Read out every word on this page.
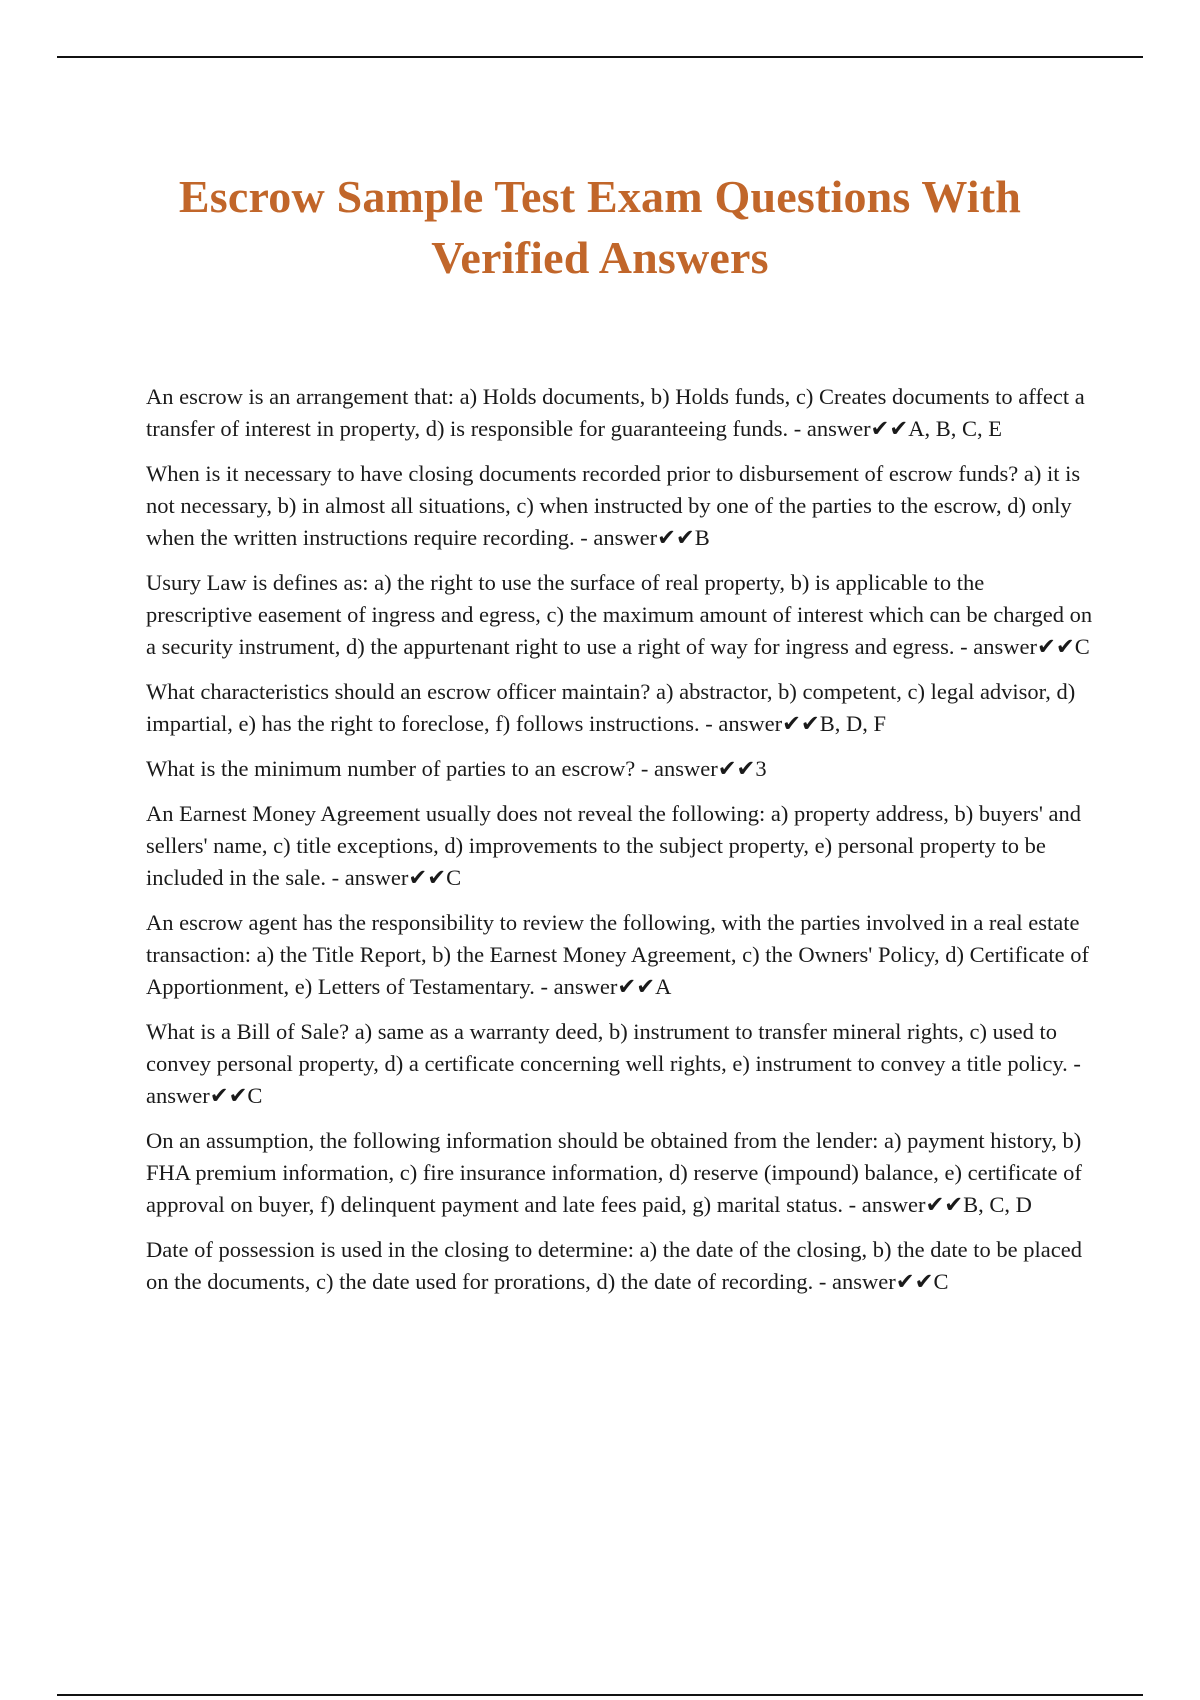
Escrow Sample Test Exam Questions With Verified Answers
An escrow is an arrangement that: a) Holds documents, b) Holds funds, c) Creates documents to affect a transfer of interest in property, d) is responsible for guaranteeing funds. - answer✔✔A, B, C, E
When is it necessary to have closing documents recorded prior to disbursement of escrow funds? a) it is not necessary, b) in almost all situations, c) when instructed by one of the parties to the escrow, d) only when the written instructions require recording. - answer✔✔B
Usury Law is defines as: a) the right to use the surface of real property, b) is applicable to the prescriptive easement of ingress and egress, c) the maximum amount of interest which can be charged on a security instrument, d) the appurtenant right to use a right of way for ingress and egress. - answer✔✔C
What characteristics should an escrow officer maintain? a) abstractor, b) competent, c) legal advisor, d) impartial, e) has the right to foreclose, f) follows instructions. - answer✔✔B, D, F
What is the minimum number of parties to an escrow? - answer✔✔3
An Earnest Money Agreement usually does not reveal the following: a) property address, b) buyers' and sellers' name, c) title exceptions, d) improvements to the subject property, e) personal property to be included in the sale. - answer✔✔C
An escrow agent has the responsibility to review the following, with the parties involved in a real estate transaction: a) the Title Report, b) the Earnest Money Agreement, c) the Owners' Policy, d) Certificate of Apportionment, e) Letters of Testamentary. - answer✔✔A
What is a Bill of Sale? a) same as a warranty deed, b) instrument to transfer mineral rights, c) used to convey personal property, d) a certificate concerning well rights, e) instrument to convey a title policy. - answer✔✔C
On an assumption, the following information should be obtained from the lender: a) payment history, b) FHA premium information, c) fire insurance information, d) reserve (impound) balance, e) certificate of approval on buyer, f) delinquent payment and late fees paid, g) marital status. - answer✔✔B, C, D
Date of possession is used in the closing to determine: a) the date of the closing, b) the date to be placed on the documents, c) the date used for prorations, d) the date of recording. - answer✔✔C
